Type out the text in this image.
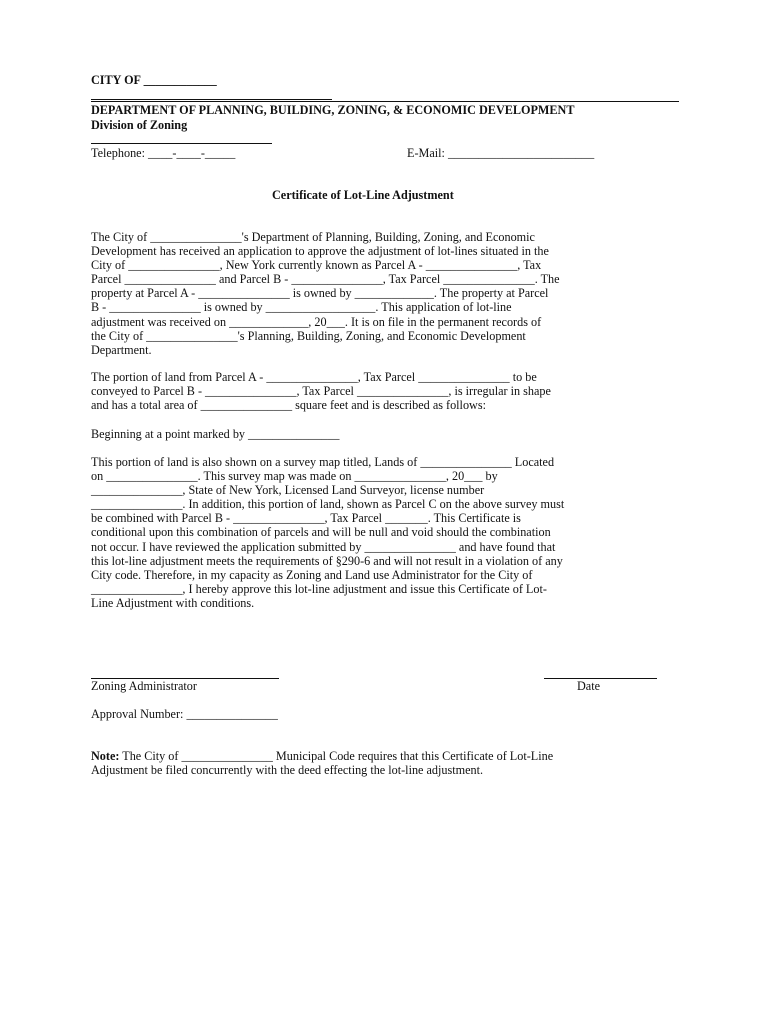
CITY OF ____________
DEPARTMENT OF PLANNING, BUILDING, ZONING, & ECONOMIC DEVELOPMENT
Division of Zoning
Telephone: ____-____-_____	E-Mail: ________________________
Certificate of Lot-Line Adjustment
The City of _______________'s Department of Planning, Building, Zoning, and Economic
Development has received an application to approve the adjustment of lot-lines situated in the
City of _______________, New York currently known as Parcel A - _______________, Tax
Parcel _______________ and Parcel B - _______________, Tax Parcel _______________. The
property at Parcel A - _______________ is owned by _____________. The property at Parcel
B - _______________ is owned by __________________. This application of lot-line
adjustment was received on _____________, 20___. It is on file in the permanent records of
the City of _______________'s Planning, Building, Zoning, and Economic Development
Department.
The portion of land from Parcel A - _______________, Tax Parcel _______________ to be
conveyed to Parcel B - _______________, Tax Parcel _______________, is irregular in shape
and has a total area of _______________ square feet and is described as follows:
Beginning at a point marked by _______________
This portion of land is also shown on a survey map titled, Lands of _______________ Located
on _______________. This survey map was made on _______________, 20___ by
_______________, State of New York, Licensed Land Surveyor, license number
_______________. In addition, this portion of land, shown as Parcel C on the above survey must
be combined with Parcel B - _______________, Tax Parcel _______. This Certificate is
conditional upon this combination of parcels and will be null and void should the combination
not occur. I have reviewed the application submitted by _______________ and have found that
this lot-line adjustment meets the requirements of §290-6 and will not result in a violation of any
City code. Therefore, in my capacity as Zoning and Land use Administrator for the City of
_______________, I hereby approve this lot-line adjustment and issue this Certificate of Lot-
Line Adjustment with conditions.
Zoning Administrator	Date
Approval Number: _______________
Note: The City of _______________ Municipal Code requires that this Certificate of Lot-Line
Adjustment be filed concurrently with the deed effecting the lot-line adjustment.
